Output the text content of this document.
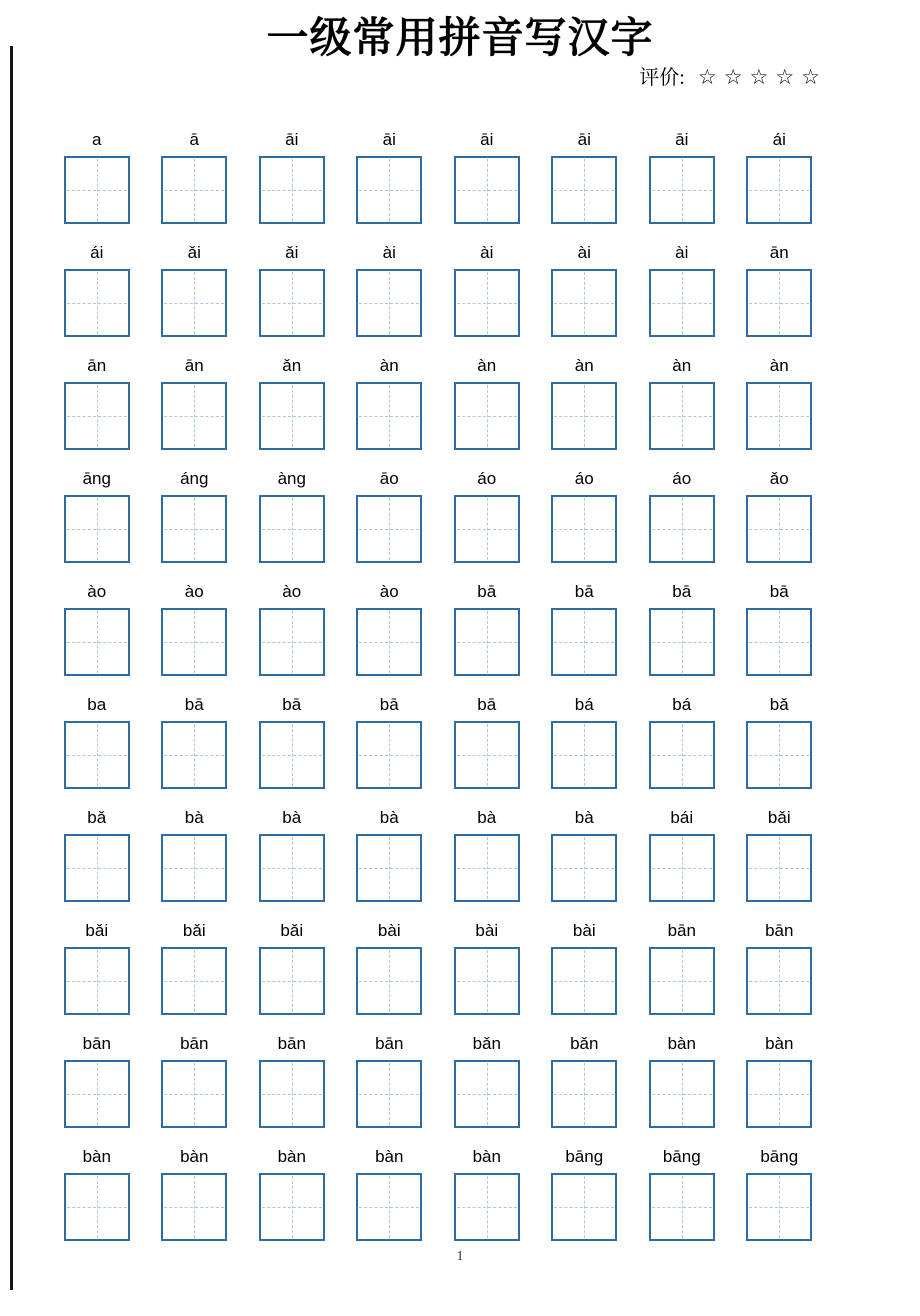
一级常用拼音写汉字
评价: ☆ ☆ ☆ ☆ ☆
a	ā	āi	āi	āi	āi	āi	ái
ái	ǎi	ǎi	ài	ài	ài	ài	ān
ān	ān	ǎn	àn	àn	àn	àn	àn
āng	áng	àng	āo	áo	áo	áo	ǎo
ào	ào	ào	ào	bā	bā	bā	bā
ba	bā	bā	bā	bā	bá	bá	bǎ
bǎ	bà	bà	bà	bà	bà	bái	bǎi
bǎi	bǎi	bǎi	bài	bài	bài	bān	bān
bān	bān	bān	bān	bǎn	bǎn	bàn	bàn
bàn	bàn	bàn	bàn	bàn	bāng	bāng	bāng
1
